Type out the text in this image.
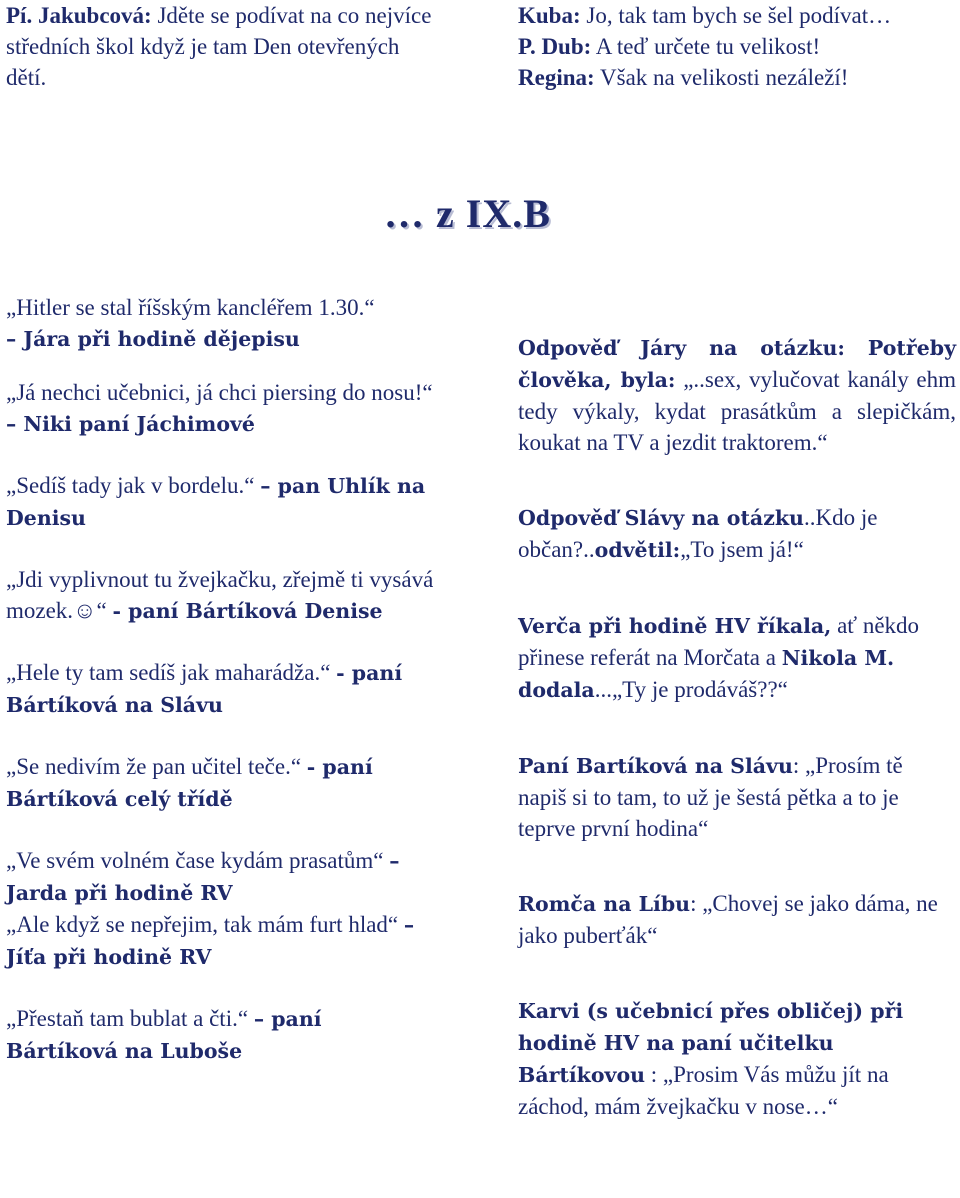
Pí. Jakubcová: Jděte se podívat na co nejvíce středních škol když je tam Den otevřených dětí.

Kuba: Jo, tak tam bych se šel podívat…

P. Dub: A teď určete tu velikost!

Regina: Však na velikosti nezáleží!

… z IX.B

„Hitler se stal říšským kancléřem 1.30.“
– Jára při hodině dějepisu

„Já nechci učebnici, já chci piersing do nosu!“ – Niki paní Jáchimové

„Sedíš tady jak v bordelu.“ – pan Uhlík na Denisu

„Jdi vyplivnout tu žvejkačku, zřejmě ti vysává mozek.☺“ - paní Bártíková Denise

„Hele ty tam sedíš jak maharádža.“ - paní Bártíková na Slávu

„Se nedivím že pan učitel teče.“ - paní Bártíková celý třídě

„Ve svém volném čase kydám prasatům“ – Jarda při hodině RV

„Ale když se nepřejim, tak mám furt hlad“ – Jíťa při hodině RV

„Přestaň tam bublat a čti.“ – paní Bártíková na Luboše

Odpověď Járy na otázku: Potřeby člověka, byla: „..sex, vylučovat kanály ehm tedy výkaly, kydat prasátkům a slepičkám, koukat na TV a jezdit traktorem.“

Odpověď Slávy na otázku..Kdo je občan?..odvětil:„To jsem já!“

Verča při hodině HV říkala, ať někdo přinese referát na Morčata a Nikola M. dodala...„Ty je prodáváš??“

Paní Bartíková na Slávu: „Prosím tě napiš si to tam, to už je šestá pětka a to je teprve první hodina“

Romča na Líbu: „Chovej se jako dáma, ne jako puberťák“

Karvi (s učebnicí přes obličej) při hodině HV na paní učitelku Bártíkovou : „Prosim Vás můžu jít na záchod, mám žvejkačku v nose…“
